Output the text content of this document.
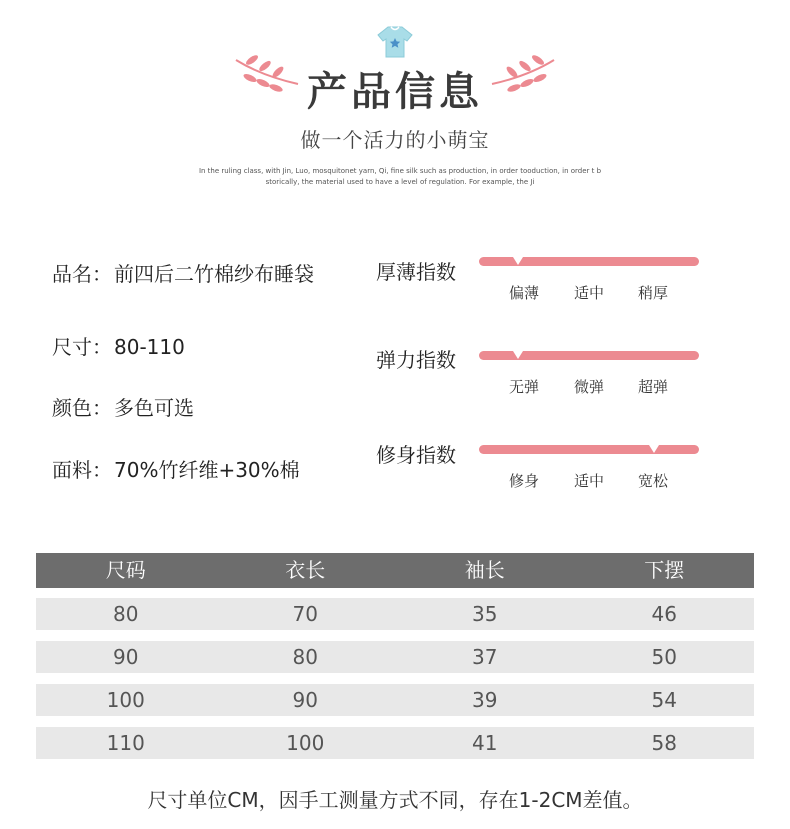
产品信息
做一个活力的小萌宝
In the ruling class, with Jin, Luo, mosquitonet yarn, Qi, fine silk such as production, in order tooduction, in order t b
storically, the material used to have a level of regulation. For example, the Ji
品名： 前四后二竹棉纱布睡袋
尺寸： 80-110
颜色： 多色可选
面料： 70%竹纤维+30%棉
厚薄指数
偏薄	适中	稍厚
弹力指数
无弹	微弹	超弹
修身指数
修身	适中	宽松
尺码	衣长	袖长	下摆
80	70	35	46
90	80	37	50
100	90	39	54
110	100	41	58
尺寸单位CM，因手工测量方式不同，存在1-2CM差值。
